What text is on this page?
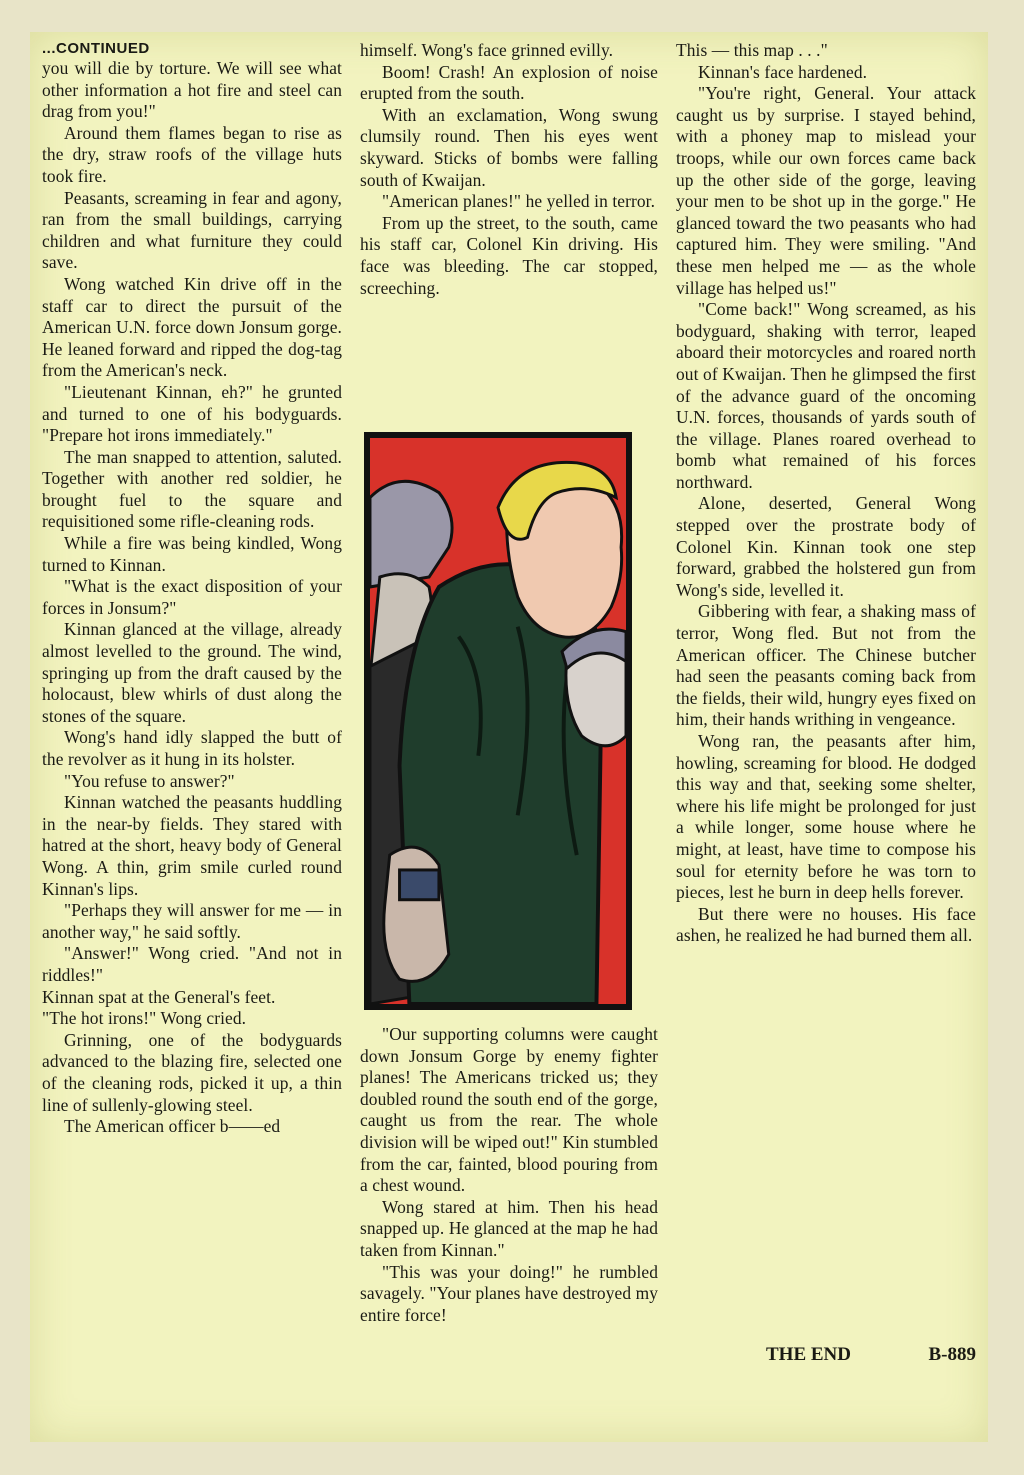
...CONTINUED

you will die by torture. We will see what other information a hot fire and steel can drag from you!"

Around them flames began to rise as the dry, straw roofs of the village huts took fire.

Peasants, screaming in fear and agony, ran from the small buildings, carrying children and what furniture they could save.

Wong watched Kin drive off in the staff car to direct the pursuit of the American U.N. force down Jonsum gorge. He leaned forward and ripped the dog-tag from the American's neck.

"Lieutenant Kinnan, eh?" he grunted and turned to one of his bodyguards. "Prepare hot irons immediately."

The man snapped to attention, saluted. Together with another red soldier, he brought fuel to the square and requisitioned some rifle-cleaning rods.

While a fire was being kindled, Wong turned to Kinnan.

"What is the exact disposition of your forces in Jonsum?"

Kinnan glanced at the village, already almost levelled to the ground. The wind, springing up from the draft caused by the holocaust, blew whirls of dust along the stones of the square.

Wong's hand idly slapped the butt of the revolver as it hung in its holster.

"You refuse to answer?"

Kinnan watched the peasants huddling in the near-by fields. They stared with hatred at the short, heavy body of General Wong. A thin, grim smile curled round Kinnan's lips.

"Perhaps they will answer for me — in another way," he said softly.

"Answer!" Wong cried. "And not in riddles!"

Kinnan spat at the General's feet.

"The hot irons!" Wong cried.

Grinning, one of the bodyguards advanced to the blazing fire, selected one of the cleaning rods, picked it up, a thin line of sullenly-glowing steel.

The American officer b——ed

himself. Wong's face grinned evilly.

Boom! Crash! An explosion of noise erupted from the south.

With an exclamation, Wong swung clumsily round. Then his eyes went skyward. Sticks of bombs were falling south of Kwaijan.

"American planes!" he yelled in terror.

From up the street, to the south, came his staff car, Colonel Kin driving. His face was bleeding. The car stopped, screeching.

"Our supporting columns were caught down Jonsum Gorge by enemy fighter planes! The Americans tricked us; they doubled round the south end of the gorge, caught us from the rear. The whole division will be wiped out!" Kin stumbled from the car, fainted, blood pouring from a chest wound.

Wong stared at him. Then his head snapped up. He glanced at the map he had taken from Kinnan."

"This was your doing!" he rumbled savagely. "Your planes have destroyed my entire force!

This — this map . . ."

Kinnan's face hardened.

"You're right, General. Your attack caught us by surprise. I stayed behind, with a phoney map to mislead your troops, while our own forces came back up the other side of the gorge, leaving your men to be shot up in the gorge." He glanced toward the two peasants who had captured him. They were smiling. "And these men helped me — as the whole village has helped us!"

"Come back!" Wong screamed, as his bodyguard, shaking with terror, leaped aboard their motorcycles and roared north out of Kwaijan. Then he glimpsed the first of the advance guard of the oncoming U.N. forces, thousands of yards south of the village. Planes roared overhead to bomb what remained of his forces northward.

Alone, deserted, General Wong stepped over the prostrate body of Colonel Kin. Kinnan took one step forward, grabbed the holstered gun from Wong's side, levelled it.

Gibbering with fear, a shaking mass of terror, Wong fled. But not from the American officer. The Chinese butcher had seen the peasants coming back from the fields, their wild, hungry eyes fixed on him, their hands writhing in vengeance.

Wong ran, the peasants after him, howling, screaming for blood. He dodged this way and that, seeking some shelter, where his life might be prolonged for just a while longer, some house where he might, at least, have time to compose his soul for eternity before he was torn to pieces, lest he burn in deep hells forever.

But there were no houses. His face ashen, he realized he had burned them all.

THE END	B-889
